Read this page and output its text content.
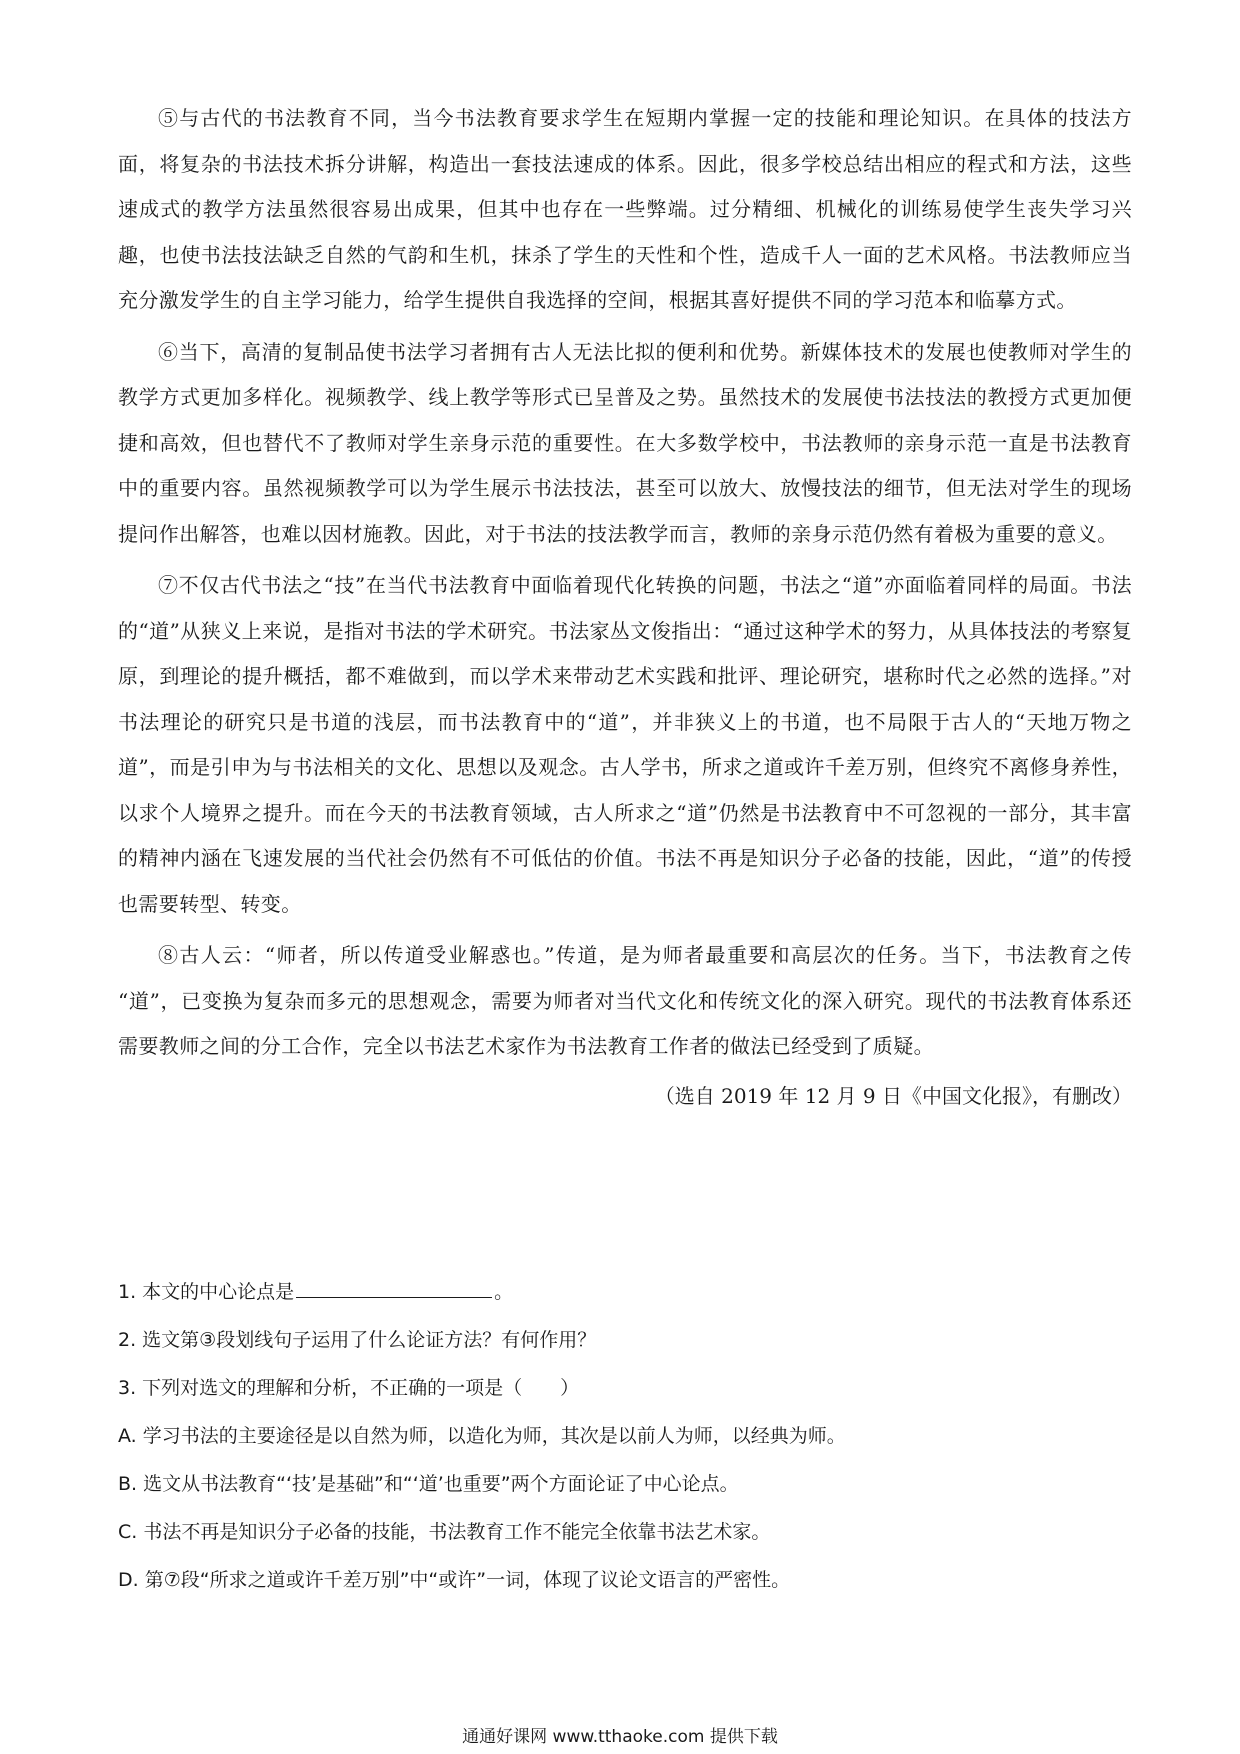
⑤与古代的书法教育不同，当今书法教育要求学生在短期内掌握一定的技能和理论知识。在具体的技法方面，将复杂的书法技术拆分讲解，构造出一套技法速成的体系。因此，很多学校总结出相应的程式和方法，这些速成式的教学方法虽然很容易出成果，但其中也存在一些弊端。过分精细、机械化的训练易使学生丧失学习兴趣，也使书法技法缺乏自然的气韵和生机，抹杀了学生的天性和个性，造成千人一面的艺术风格。书法教师应当充分激发学生的自主学习能力，给学生提供自我选择的空间，根据其喜好提供不同的学习范本和临摹方式。

⑥当下，高清的复制品使书法学习者拥有古人无法比拟的便利和优势。新媒体技术的发展也使教师对学生的教学方式更加多样化。视频教学、线上教学等形式已呈普及之势。虽然技术的发展使书法技法的教授方式更加便捷和高效，但也替代不了教师对学生亲身示范的重要性。在大多数学校中，书法教师的亲身示范一直是书法教育中的重要内容。虽然视频教学可以为学生展示书法技法，甚至可以放大、放慢技法的细节，但无法对学生的现场提问作出解答，也难以因材施教。因此，对于书法的技法教学而言，教师的亲身示范仍然有着极为重要的意义。

⑦不仅古代书法之“技”在当代书法教育中面临着现代化转换的问题，书法之“道”亦面临着同样的局面。书法的“道”从狭义上来说，是指对书法的学术研究。书法家丛文俊指出：“通过这种学术的努力，从具体技法的考察复原，到理论的提升概括，都不难做到，而以学术来带动艺术实践和批评、理论研究，堪称时代之必然的选择。”对书法理论的研究只是书道的浅层，而书法教育中的“道”，并非狭义上的书道，也不局限于古人的“天地万物之道”，而是引申为与书法相关的文化、思想以及观念。古人学书，所求之道或许千差万别，但终究不离修身养性，以求个人境界之提升。而在今天的书法教育领域，古人所求之“道”仍然是书法教育中不可忽视的一部分，其丰富的精神内涵在飞速发展的当代社会仍然有不可低估的价值。书法不再是知识分子必备的技能，因此，“道”的传授也需要转型、转变。

⑧古人云：“师者，所以传道受业解惑也。”传道，是为师者最重要和高层次的任务。当下，书法教育之传 “道”，已变换为复杂而多元的思想观念，需要为师者对当代文化和传统文化的深入研究。现代的书法教育体系还需要教师之间的分工合作，完全以书法艺术家作为书法教育工作者的做法已经受到了质疑。

（选自 2019 年 12 月 9 日《中国文化报》，有删改）

1. 本文的中心论点是	。

2. 选文第③段划线句子运用了什么论证方法？有何作用？

3. 下列对选文的理解和分析，不正确的一项是（　　）

A. 学习书法的主要途径是以自然为师，以造化为师，其次是以前人为师，以经典为师。

B. 选文从书法教育“‘技’是基础”和“‘道’也重要”两个方面论证了中心论点。

C. 书法不再是知识分子必备的技能，书法教育工作不能完全依靠书法艺术家。

D. 第⑦段“所求之道或许千差万别”中“或许”一词，体现了议论文语言的严密性。

通通好课网 www.tthaoke.com 提供下载
